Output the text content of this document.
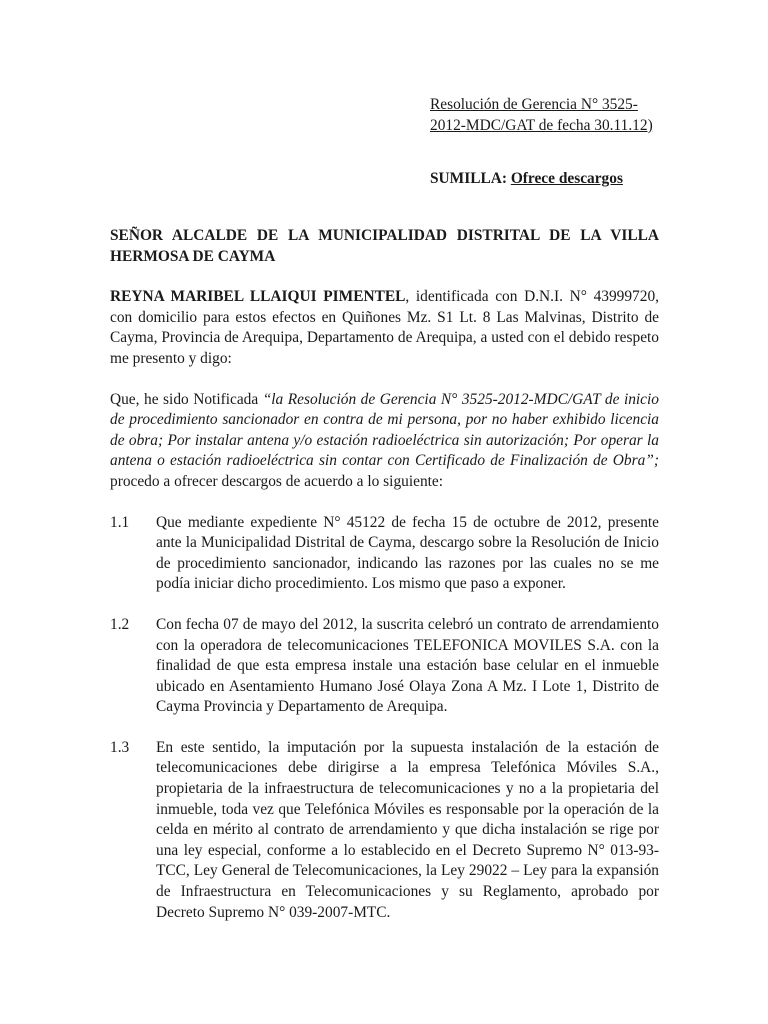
Resolución de Gerencia N° 3525-2012-MDC/GAT de fecha 30.11.12)
SUMILLA: Ofrece descargos

SEÑOR ALCALDE DE LA MUNICIPALIDAD DISTRITAL DE LA VILLA HERMOSA DE CAYMA

REYNA MARIBEL LLAIQUI PIMENTEL, identificada con D.N.I. N° 43999720, con domicilio para estos efectos en Quiñones Mz. S1 Lt. 8 Las Malvinas, Distrito de Cayma, Provincia de Arequipa, Departamento de Arequipa, a usted con el debido respeto me presento y digo:

Que, he sido Notificada “la Resolución de Gerencia N° 3525-2012-MDC/GAT de inicio de procedimiento sancionador en contra de mi persona, por no haber exhibido licencia de obra; Por instalar antena y/o estación radioeléctrica sin autorización; Por operar la antena o estación radioeléctrica sin contar con Certificado de Finalización de Obra”; procedo a ofrecer descargos de acuerdo a lo siguiente:

1.1	Que mediante expediente N° 45122 de fecha 15 de octubre de 2012, presente ante la Municipalidad Distrital de Cayma, descargo sobre la Resolución de Inicio de procedimiento sancionador, indicando las razones por las cuales no se me podía iniciar dicho procedimiento. Los mismo que paso a exponer.
1.2	Con fecha 07 de mayo del 2012, la suscrita celebró un contrato de arrendamiento con la operadora de telecomunicaciones TELEFONICA MOVILES S.A. con la finalidad de que esta empresa instale una estación base celular en el inmueble ubicado en Asentamiento Humano José Olaya Zona A Mz. I Lote 1, Distrito de Cayma Provincia y Departamento de Arequipa.
1.3	En este sentido, la imputación por la supuesta instalación de la estación de telecomunicaciones debe dirigirse a la empresa Telefónica Móviles S.A., propietaria de la infraestructura de telecomunicaciones y no a la propietaria del inmueble, toda vez que Telefónica Móviles es responsable por la operación de la celda en mérito al contrato de arrendamiento y que dicha instalación se rige por una ley especial, conforme a lo establecido en el Decreto Supremo N° 013-93-TCC, Ley General de Telecomunicaciones, la Ley 29022 – Ley para la expansión de Infraestructura en Telecomunicaciones y su Reglamento, aprobado por Decreto Supremo N° 039-2007-MTC.
